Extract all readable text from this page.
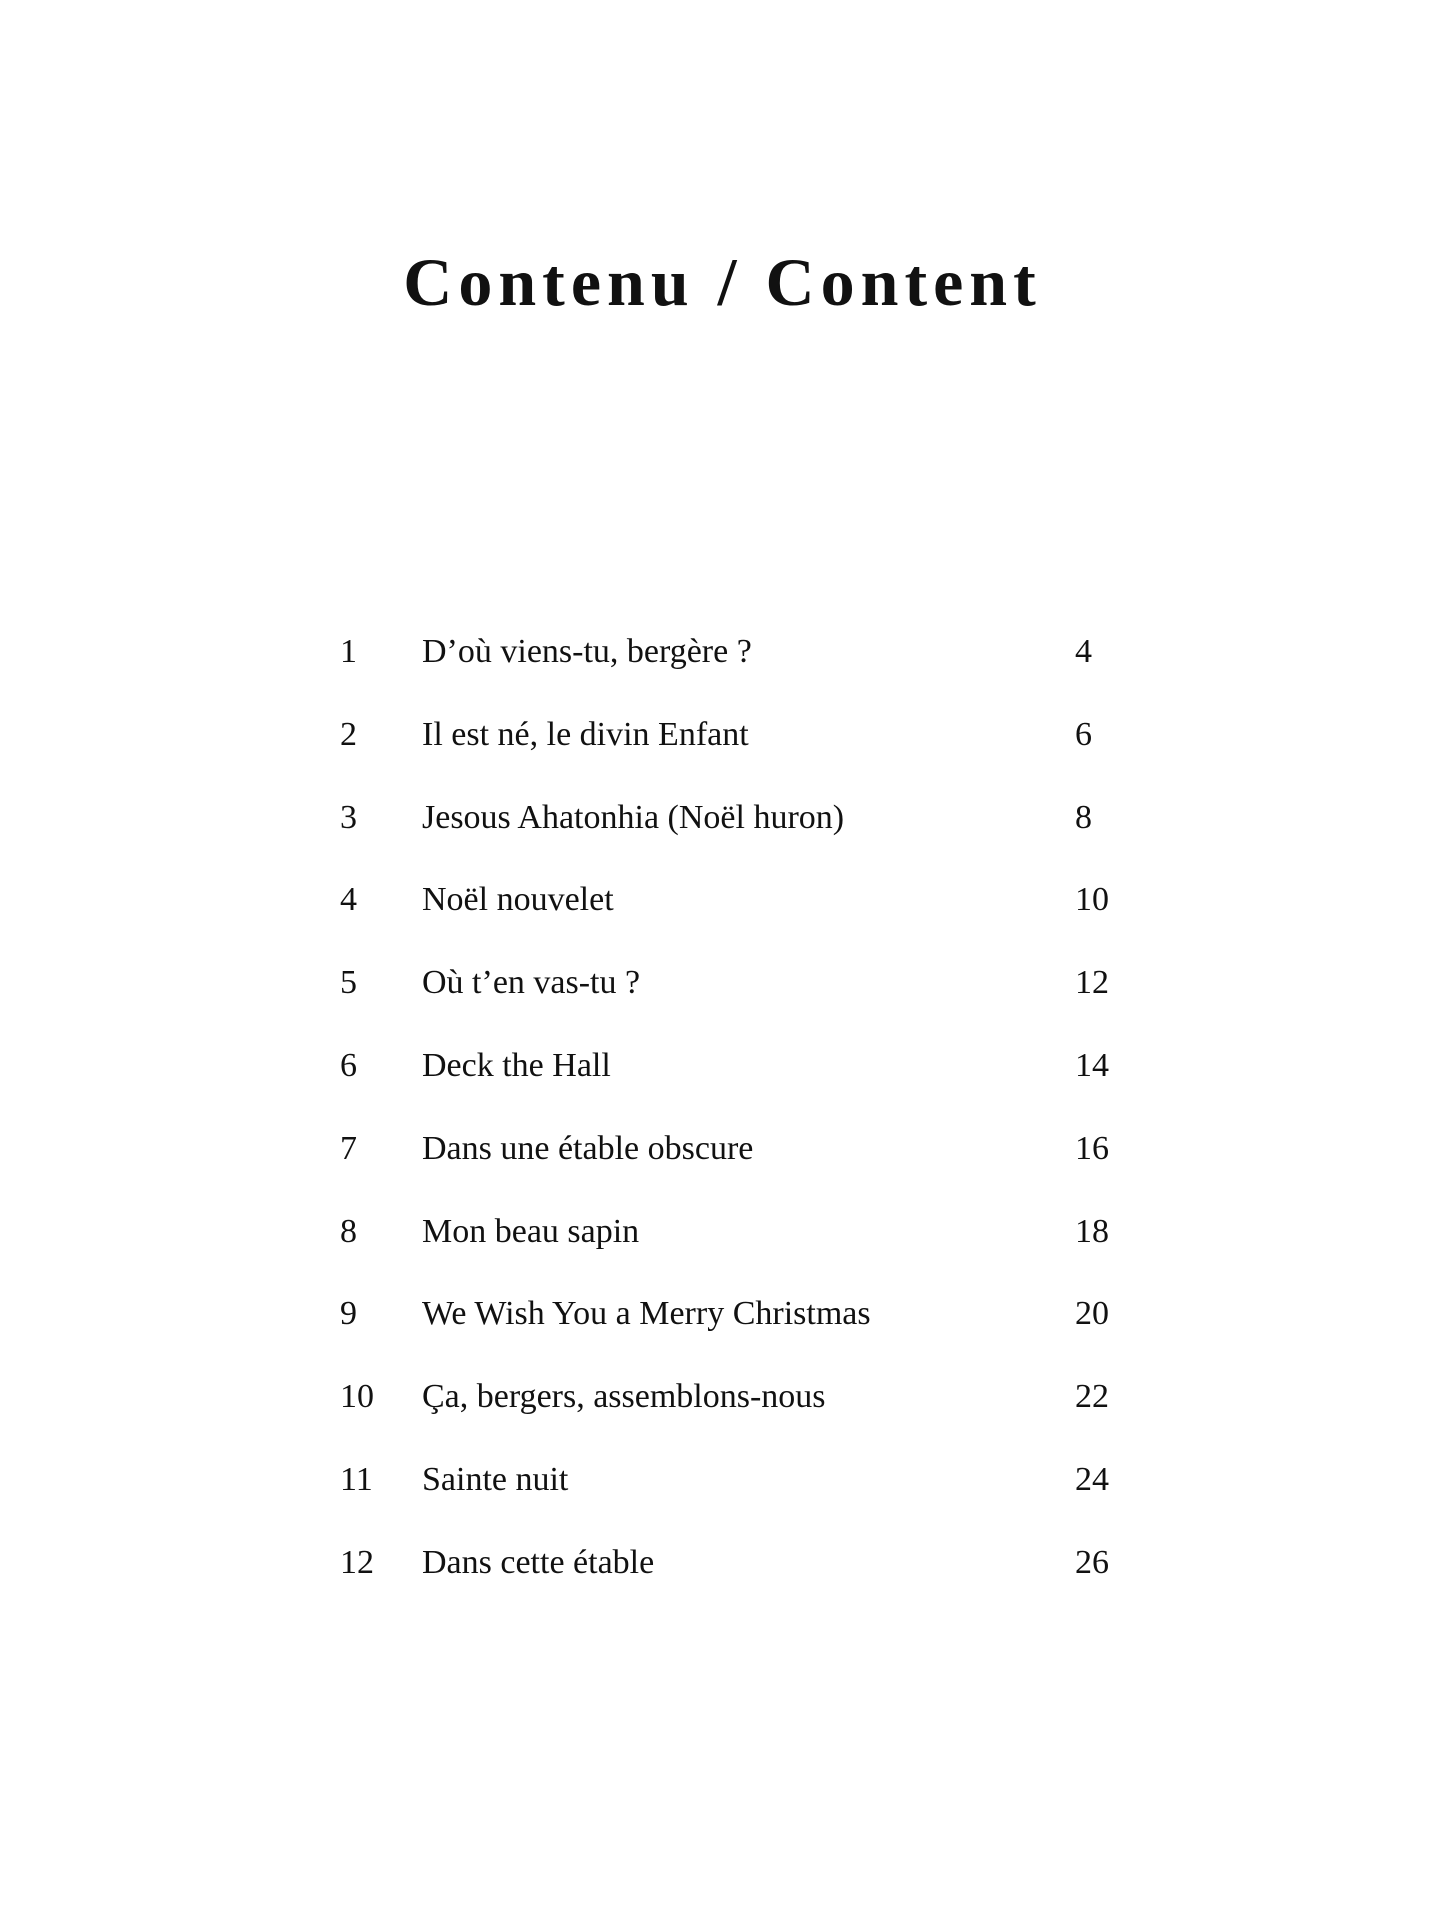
Contenu / Content
1 D’où viens-tu, bergère ?	4
2 Il est né, le divin Enfant	6
3 Jesous Ahatonhia (Noël huron)	8
4 Noël nouvelet	10
5 Où t’en vas-tu ?	12
6 Deck the Hall	14
7 Dans une étable obscure	16
8 Mon beau sapin	18
9 We Wish You a Merry Christmas	20
10 Ça, bergers, assemblons-nous	22
11 Sainte nuit	24
12 Dans cette étable	26
